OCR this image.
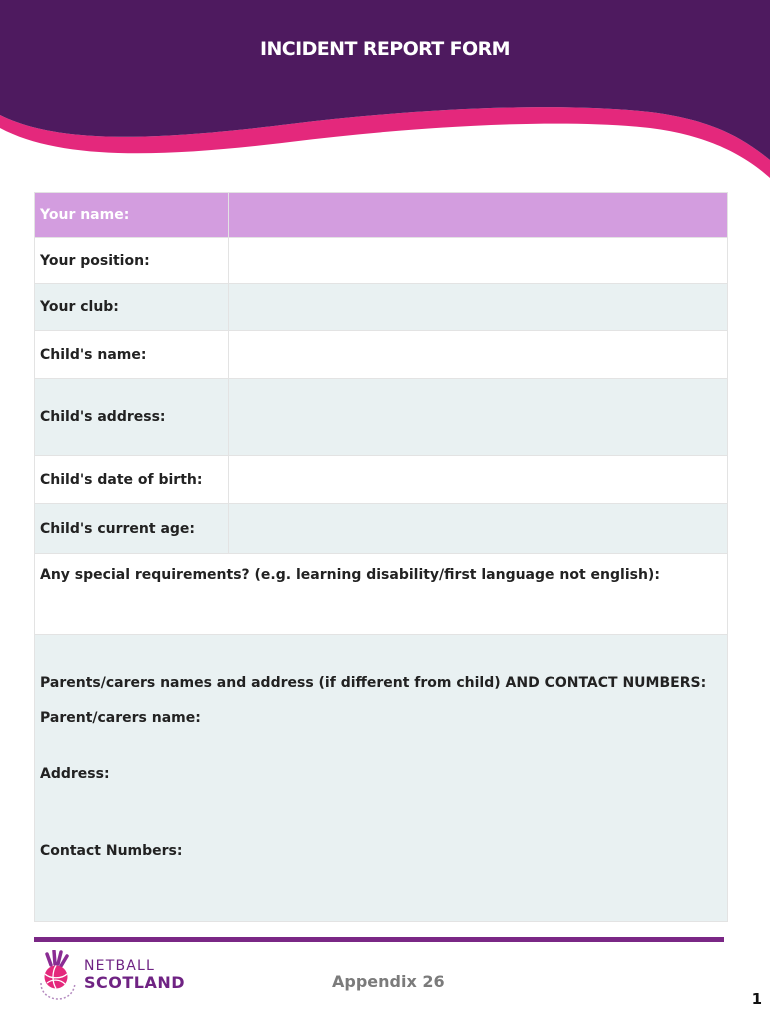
INCIDENT REPORT FORM
Your name:	
Your position:	
Your club:	
Child's name:	
Child's address:	
Child's date of birth:	
Child's current age:	
Any special requirements? (e.g. learning disability/first language not english):	

Parents/carers names and address (if different from child) AND CONTACT NUMBERS:
Parent/carers name:
Address:
Contact Numbers:	
NETBALL
SCOTLAND	Appendix 26
1
